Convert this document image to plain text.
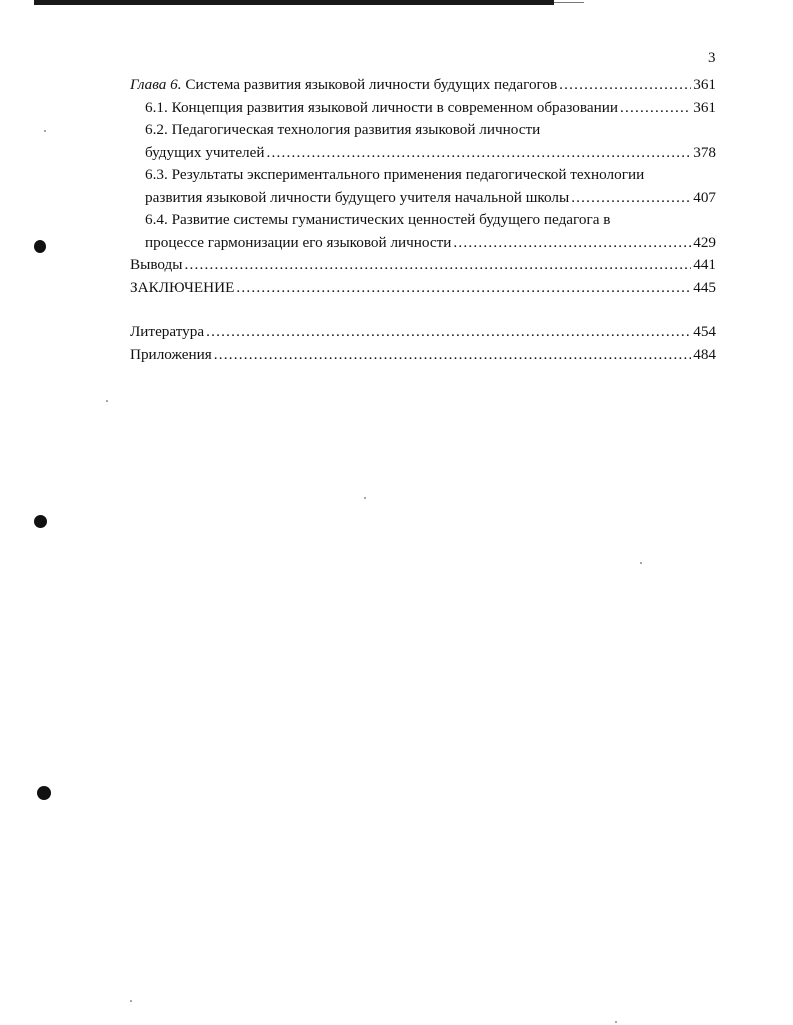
3
Глава 6. Система развития языковой личности будущих педагогов .....	361
6.1. Концепция развития языковой личности в современном образовании .....	361
6.2. Педагогическая технология развития языковой личности
будущих учителей .....	378
6.3. Результаты экспериментального применения педагогической технологии
развития языковой личности будущего учителя начальной школы .....	407
6.4. Развитие системы гуманистических ценностей будущего педагога в
процессе гармонизации его языковой личности .....	429
Выводы .....	441
ЗАКЛЮЧЕНИЕ .....	445
Литература .....	454
Приложения .....	484
